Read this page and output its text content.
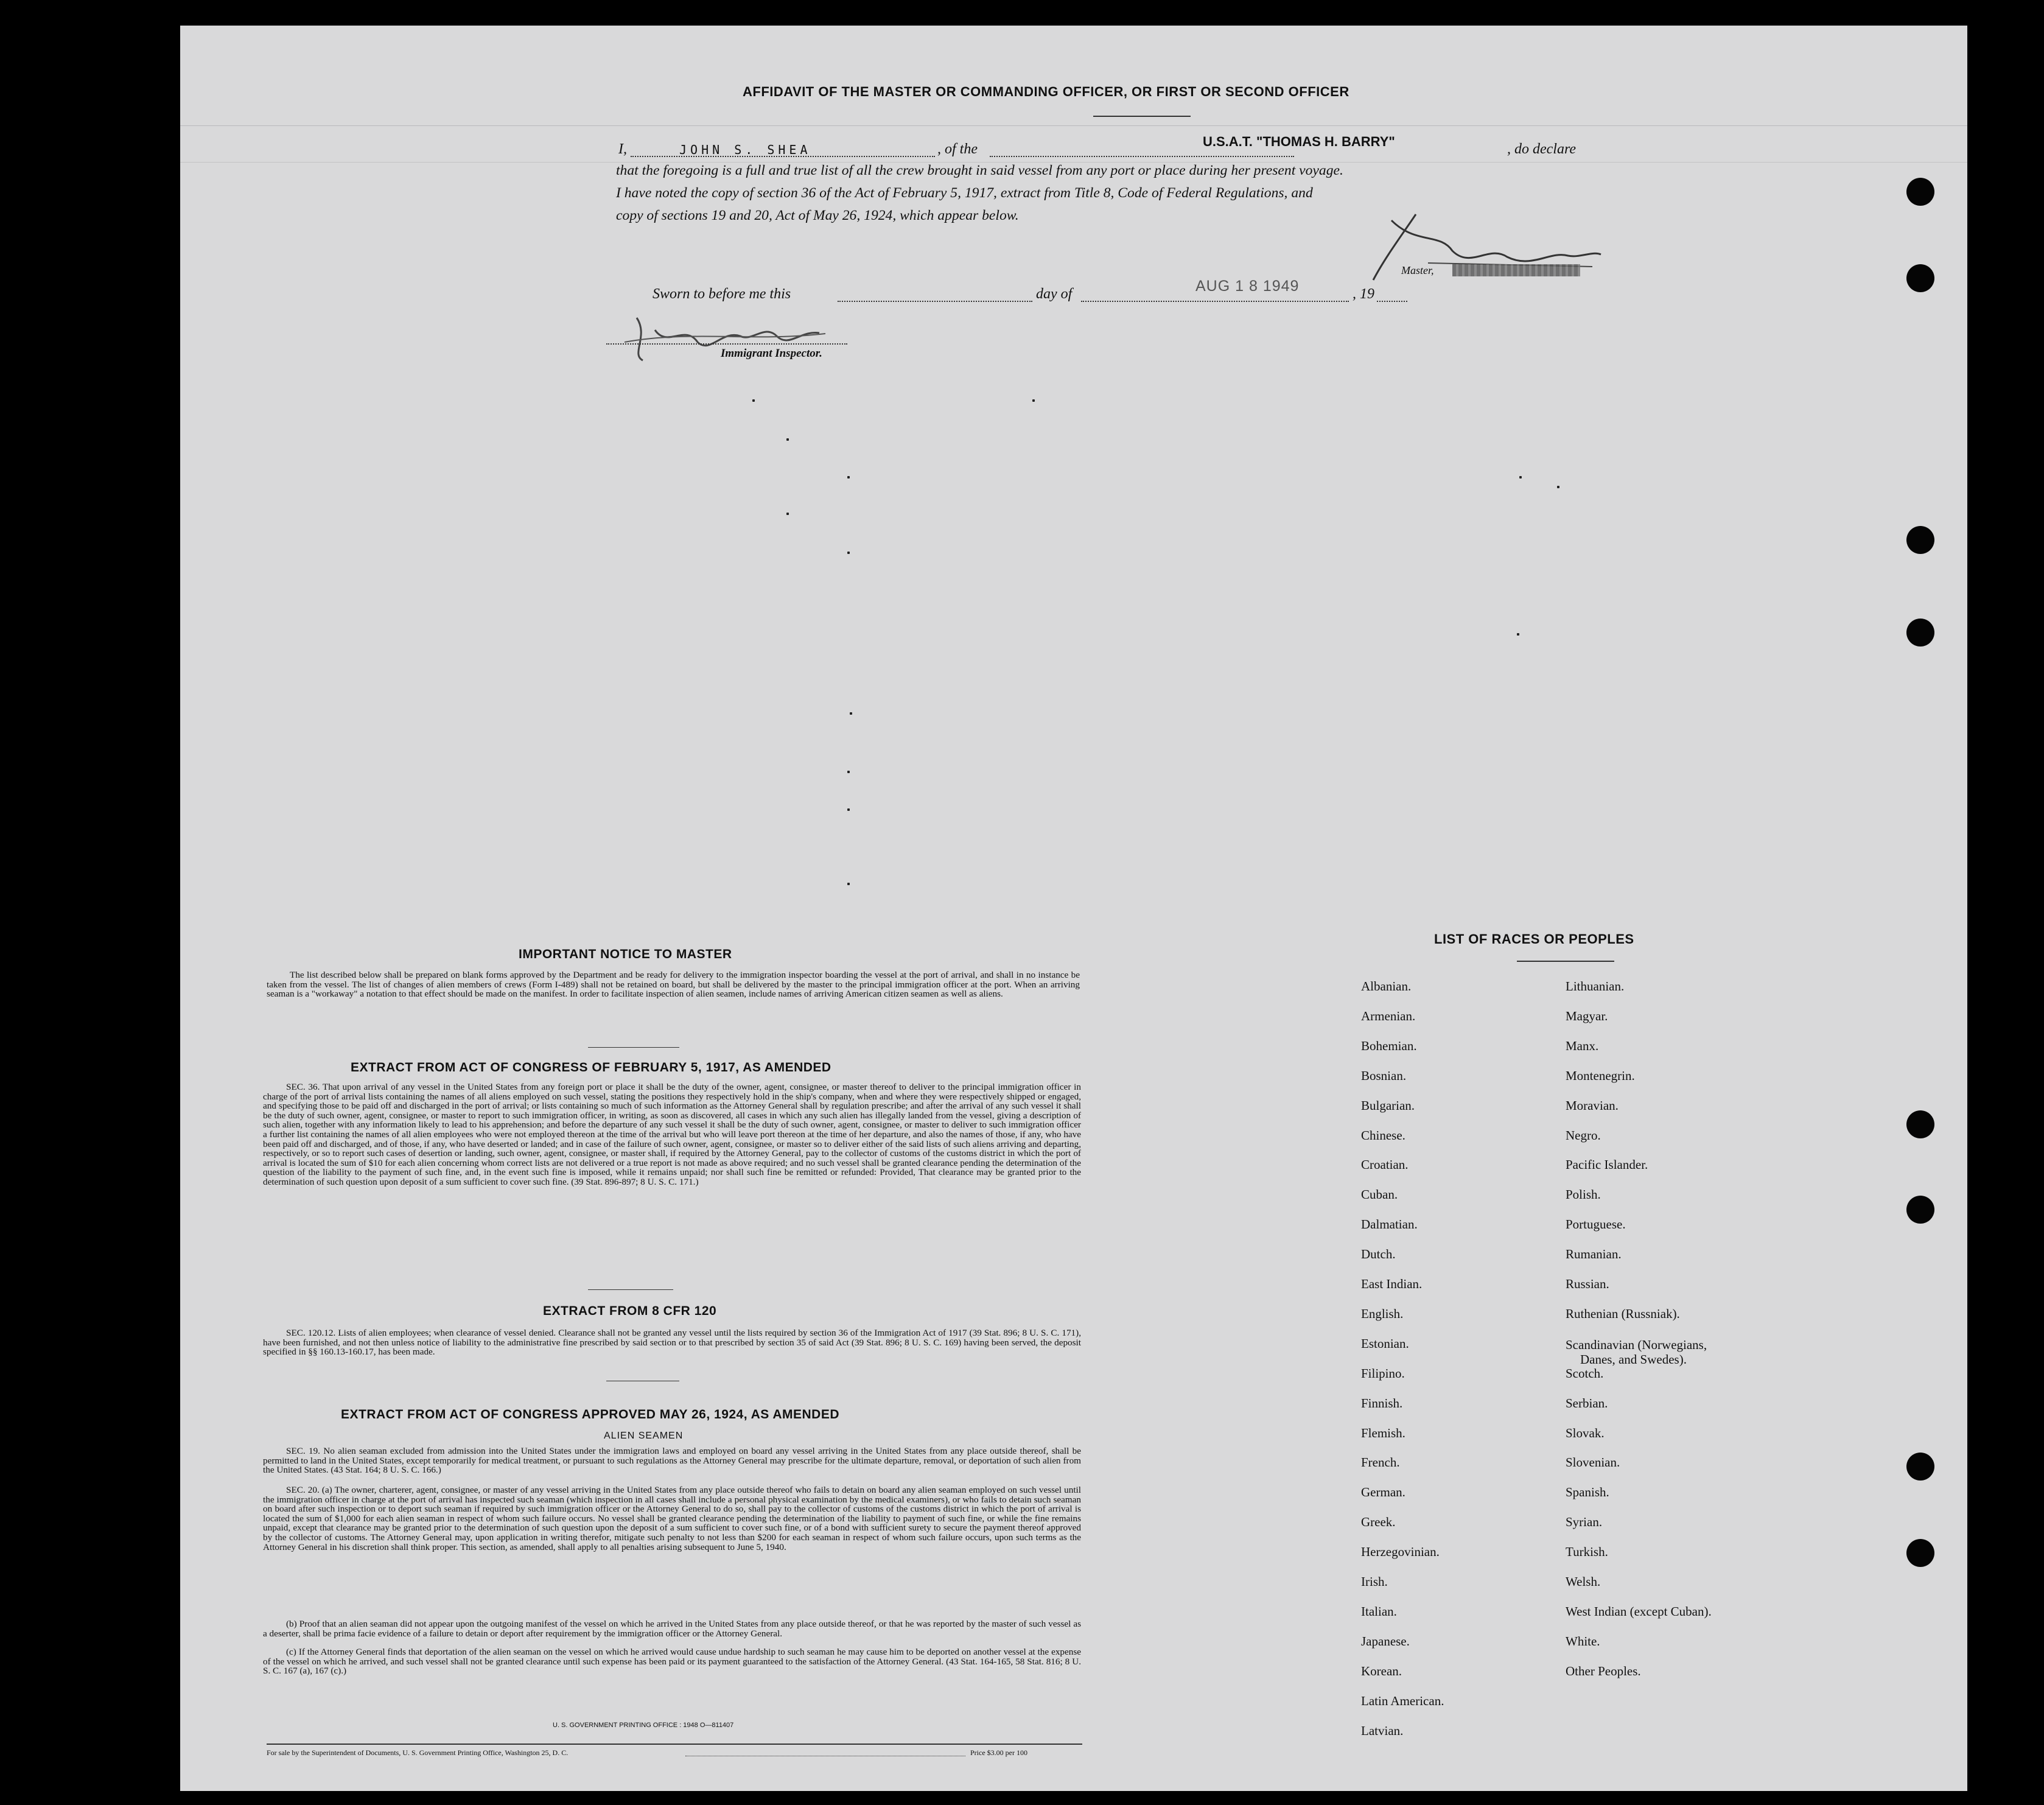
AFFIDAVIT OF THE MASTER OR COMMANDING OFFICER, OR FIRST OR SECOND OFFICER
I,	JOHN S. SHEA	, of the	U.S.A.T. "THOMAS H. BARRY"	, do declare
that the foregoing is a full and true list of all the crew brought in said vessel from any port or place during her present voyage.
I have noted the copy of section 36 of the Act of February 5, 1917, extract from Title 8, Code of Federal Regulations, and
copy of sections 19 and 20, Act of May 26, 1924, which appear below.
Master,
Sworn to before me this	day of	AUG 1 8 1949	, 19
Immigrant Inspector.
IMPORTANT NOTICE TO MASTER
The list described below shall be prepared on blank forms approved by the Department and be ready for delivery to the immigration inspector boarding the vessel at the port of arrival, and shall in no instance be taken from the vessel. The list of changes of alien members of crews (Form I-489) shall not be retained on board, but shall be delivered by the master to the principal immigration officer at the port. When an arriving seaman is a "workaway" a notation to that effect should be made on the manifest. In order to facilitate inspection of alien seamen, include names of arriving American citizen seamen as well as aliens.
EXTRACT FROM ACT OF CONGRESS OF FEBRUARY 5, 1917, AS AMENDED
SEC. 36. That upon arrival of any vessel in the United States from any foreign port or place it shall be the duty of the owner, agent, consignee, or master thereof to deliver to the principal immigration officer in charge of the port of arrival lists containing the names of all aliens employed on such vessel, stating the positions they respectively hold in the ship's company, when and where they were respectively shipped or engaged, and specifying those to be paid off and discharged in the port of arrival; or lists containing so much of such information as the Attorney General shall by regulation prescribe; and after the arrival of any such vessel it shall be the duty of such owner, agent, consignee, or master to report to such immigration officer, in writing, as soon as discovered, all cases in which any such alien has illegally landed from the vessel, giving a description of such alien, together with any information likely to lead to his apprehension; and before the departure of any such vessel it shall be the duty of such owner, agent, consignee, or master to deliver to such immigration officer a further list containing the names of all alien employees who were not employed thereon at the time of the arrival but who will leave port thereon at the time of her departure, and also the names of those, if any, who have been paid off and discharged, and of those, if any, who have deserted or landed; and in case of the failure of such owner, agent, consignee, or master so to deliver either of the said lists of such aliens arriving and departing, respectively, or so to report such cases of desertion or landing, such owner, agent, consignee, or master shall, if required by the Attorney General, pay to the collector of customs of the customs district in which the port of arrival is located the sum of $10 for each alien concerning whom correct lists are not delivered or a true report is not made as above required; and no such vessel shall be granted clearance pending the determination of the question of the liability to the payment of such fine, and, in the event such fine is imposed, while it remains unpaid; nor shall such fine be remitted or refunded: Provided, That clearance may be granted prior to the determination of such question upon deposit of a sum sufficient to cover such fine. (39 Stat. 896-897; 8 U. S. C. 171.)
EXTRACT FROM 8 CFR 120
SEC. 120.12. Lists of alien employees; when clearance of vessel denied. Clearance shall not be granted any vessel until the lists required by section 36 of the Immigration Act of 1917 (39 Stat. 896; 8 U. S. C. 171), have been furnished, and not then unless notice of liability to the administrative fine prescribed by said section or to that prescribed by section 35 of said Act (39 Stat. 896; 8 U. S. C. 169) having been served, the deposit specified in §§ 160.13-160.17, has been made.
EXTRACT FROM ACT OF CONGRESS APPROVED MAY 26, 1924, AS AMENDED
ALIEN SEAMEN
SEC. 19. No alien seaman excluded from admission into the United States under the immigration laws and employed on board any vessel arriving in the United States from any place outside thereof, shall be permitted to land in the United States, except temporarily for medical treatment, or pursuant to such regulations as the Attorney General may prescribe for the ultimate departure, removal, or deportation of such alien from the United States. (43 Stat. 164; 8 U. S. C. 166.)
SEC. 20. (a) The owner, charterer, agent, consignee, or master of any vessel arriving in the United States from any place outside thereof who fails to detain on board any alien seaman employed on such vessel until the immigration officer in charge at the port of arrival has inspected such seaman (which inspection in all cases shall include a personal physical examination by the medical examiners), or who fails to detain such seaman on board after such inspection or to deport such seaman if required by such immigration officer or the Attorney General to do so, shall pay to the collector of customs of the customs district in which the port of arrival is located the sum of $1,000 for each alien seaman in respect of whom such failure occurs. No vessel shall be granted clearance pending the determination of the liability to payment of such fine, or while the fine remains unpaid, except that clearance may be granted prior to the determination of such question upon the deposit of a sum sufficient to cover such fine, or of a bond with sufficient surety to secure the payment thereof approved by the collector of customs. The Attorney General may, upon application in writing therefor, mitigate such penalty to not less than $200 for each seaman in respect of whom such failure occurs, upon such terms as the Attorney General in his discretion shall think proper. This section, as amended, shall apply to all penalties arising subsequent to June 5, 1940.
(b) Proof that an alien seaman did not appear upon the outgoing manifest of the vessel on which he arrived in the United States from any place outside thereof, or that he was reported by the master of such vessel as a deserter, shall be prima facie evidence of a failure to detain or deport after requirement by the immigration officer or the Attorney General.
(c) If the Attorney General finds that deportation of the alien seaman on the vessel on which he arrived would cause undue hardship to such seaman he may cause him to be deported on another vessel at the expense of the vessel on which he arrived, and such vessel shall not be granted clearance until such expense has been paid or its payment guaranteed to the satisfaction of the Attorney General. (43 Stat. 164-165, 58 Stat. 816; 8 U. S. C. 167 (a), 167 (c).)
U. S. GOVERNMENT PRINTING OFFICE : 1948 O—811407
For sale by the Superintendent of Documents, U. S. Government Printing Office, Washington 25, D. C.	Price $3.00 per 100
LIST OF RACES OR PEOPLES
Albanian.
Armenian.
Bohemian.
Bosnian.
Bulgarian.
Chinese.
Croatian.
Cuban.
Dalmatian.
Dutch.
East Indian.
English.
Estonian.
Filipino.
Finnish.
Flemish.
French.
German.
Greek.
Herzegovinian.
Irish.
Italian.
Japanese.
Korean.
Latin American.
Latvian.
Lithuanian.
Magyar.
Manx.
Montenegrin.
Moravian.
Negro.
Pacific Islander.
Polish.
Portuguese.
Rumanian.
Russian.
Ruthenian (Russniak).
Scandinavian (Norwegians,
Danes, and Swedes).
Scotch.
Serbian.
Slovak.
Slovenian.
Spanish.
Syrian.
Turkish.
Welsh.
West Indian (except Cuban).
White.
Other Peoples.
